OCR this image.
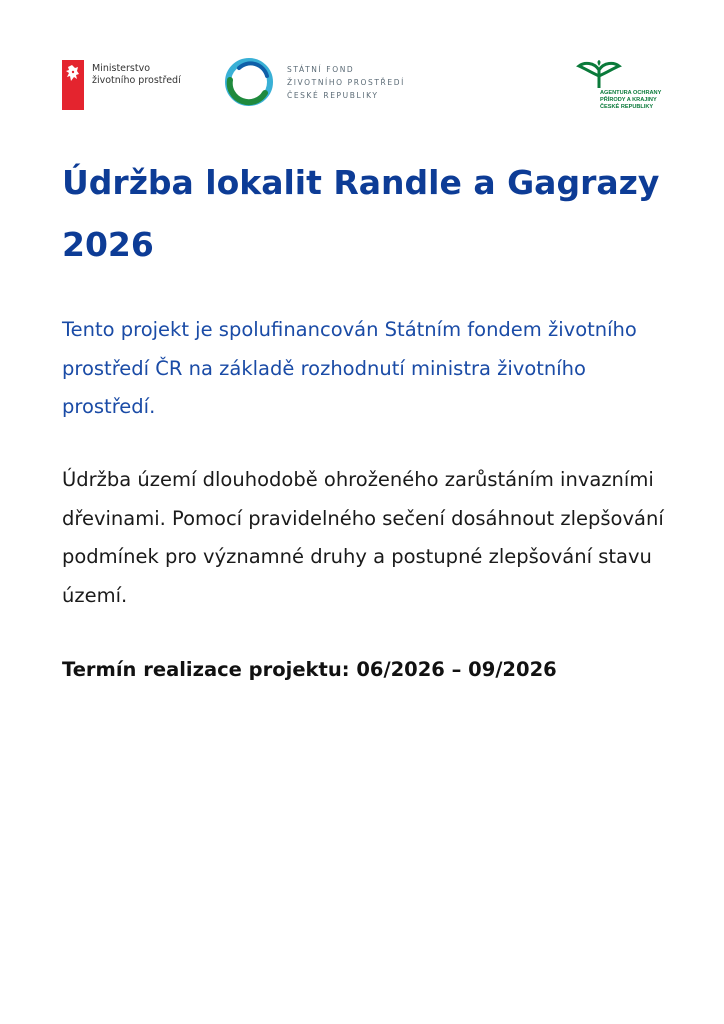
Ministerstvo
životního prostředí
STÁTNÍ FOND
ŽIVOTNÍHO PROSTŘEDÍ
ČESKÉ REPUBLIKY	AGENTURA OCHRANY
PŘÍRODY A KRAJINY
ČESKÉ REPUBLIKY
Údržba lokalit Randle a Gagrazy 2026

Tento projekt je spolufinancován Státním fondem životního prostředí ČR na základě rozhodnutí ministra životního prostředí.

Údržba území dlouhodobě ohroženého zarůstáním invazními dřevinami. Pomocí pravidelného sečení dosáhnout zlepšování podmínek pro významné druhy a postupné zlepšování stavu území.

Termín realizace projektu: 06/2026 – 09/2026
